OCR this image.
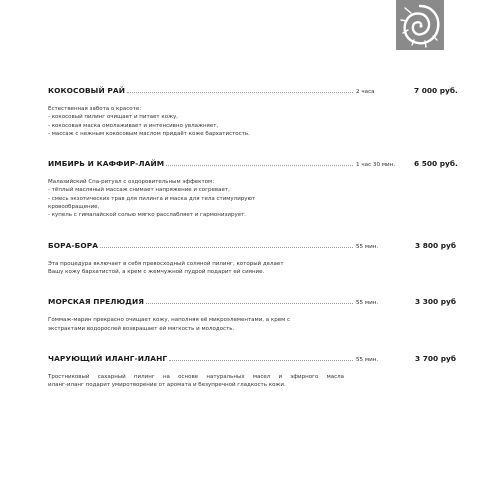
КОКОСОВЫЙ РАЙ	2 часа	7 000 руб.
Естественная забота о красоте:
- кокосовый пилинг очищает и питает кожу,
- кокосовая маска омолаживает и интенсивно увлажняет,
- массаж с нежным кокосовым маслом придаёт коже бархатистость.
ИМБИРЬ И КАФФИР-ЛАЙМ	1 час 30 мин.	6 500 руб.
Малазийский Спа-ритуал с оздоровительным эффектом:
- тёплый масляный массаж снимает напряжение и согревает,
- смесь экзотических трав для пилинга и маска для тела стимулируют
кровообращение,
- купель с гималайской солью мягко расслабляет и гармонизирует.
БОРА-БОРА	55 мин.	3 800 руб
Эта процедура включает в себя превосходный соляной пилинг, который делает
Вашу кожу бархатистой, а крем с жемчужной пудрой подарит ей сияние.
МОРСКАЯ ПРЕЛЮДИЯ	55 мин.	3 300 руб
Гоммаж-марин прекрасно очищает кожу, наполняя её микроэлементами, а крем с
экстрактами водорослей возвращает ей мягкость и молодость.
ЧАРУЮЩИЙ ИЛАНГ-ИЛАНГ	55 мин.	3 700 руб
Тростниковый сахарный пилинг на основе натуральных масел и эфирного масла
иланг-иланг подарит умиротворение от аромата и безупречной гладкость кожи.
